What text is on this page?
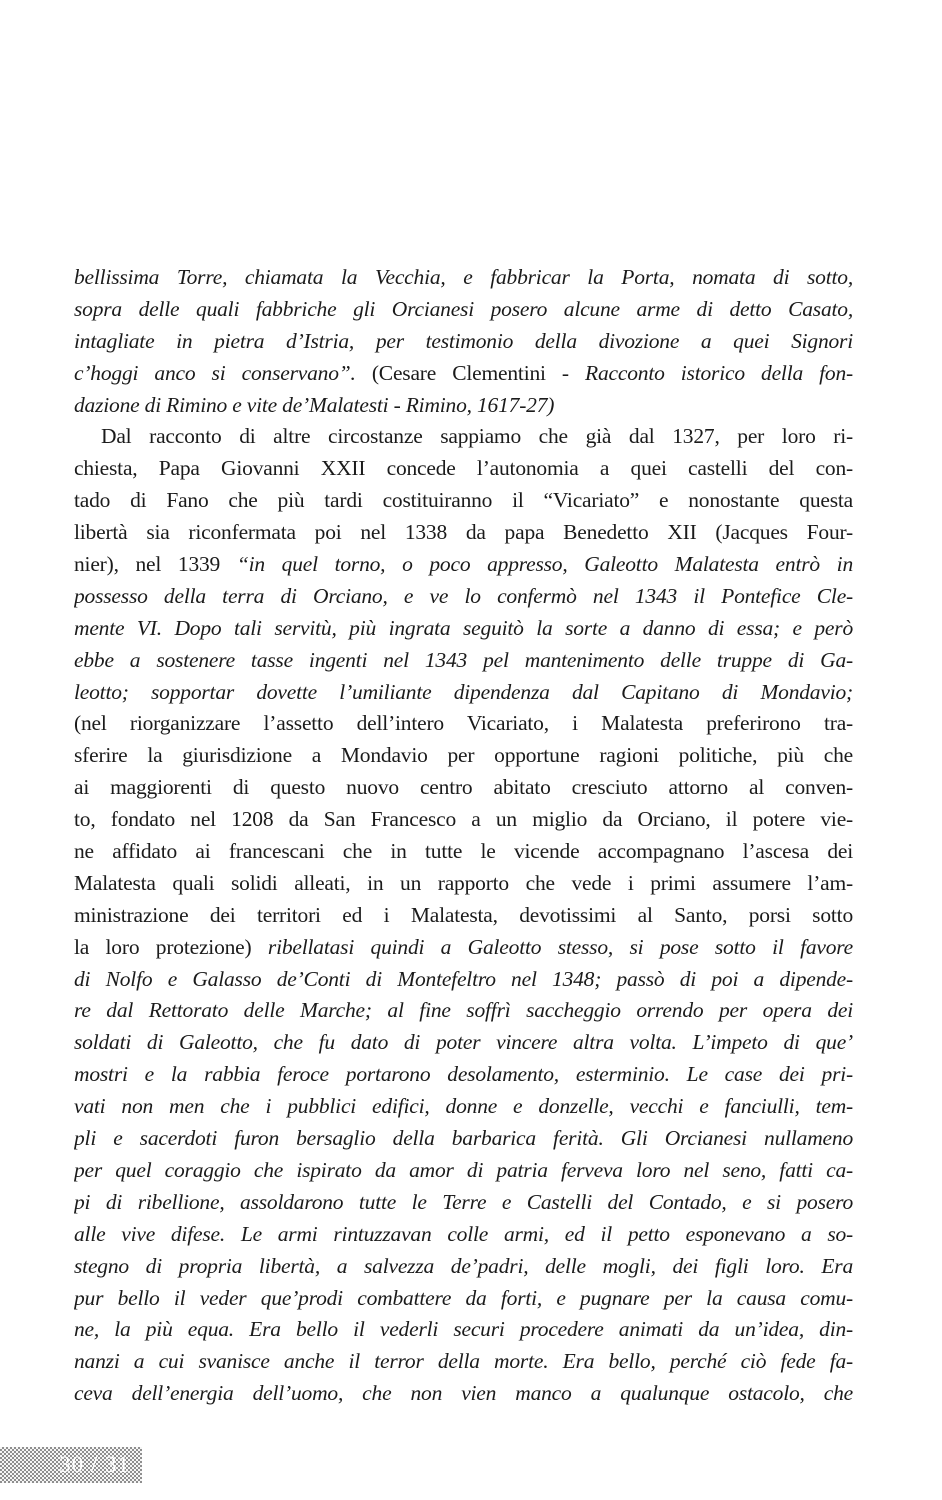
bellissima Torre, chiamata la Vecchia, e fabbricar la Porta, nomata di sotto,
sopra delle quali fabbriche gli Orcianesi posero alcune arme di detto Casato,
intagliate in pietra d’Istria, per testimonio della divozione a quei Signori
c’hoggi anco si conservano”. (Cesare Clementini - Racconto istorico della fon-
dazione di Rimino e vite de’Malatesti - Rimino, 1617-27)
Dal racconto di altre circostanze sappiamo che già dal 1327, per loro ri-
chiesta, Papa Giovanni XXII concede l’autonomia a quei castelli del con-
tado di Fano che più tardi costituiranno il “Vicariato” e nonostante questa
libertà sia riconfermata poi nel 1338 da papa Benedetto XII (Jacques Four-
nier), nel 1339 “in quel torno, o poco appresso, Galeotto Malatesta entrò in
possesso della terra di Orciano, e ve lo confermò nel 1343 il Pontefice Cle-
mente VI. Dopo tali servitù, più ingrata seguitò la sorte a danno di essa; e però
ebbe a sostenere tasse ingenti nel 1343 pel mantenimento delle truppe di Ga-
leotto; sopportar dovette l’umiliante dipendenza dal Capitano di Mondavio;
(nel riorganizzare l’assetto dell’intero Vicariato, i Malatesta preferirono tra-
sferire la giurisdizione a Mondavio per opportune ragioni politiche, più che
ai maggiorenti di questo nuovo centro abitato cresciuto attorno al conven-
to, fondato nel 1208 da San Francesco a un miglio da Orciano, il potere vie-
ne affidato ai francescani che in tutte le vicende accompagnano l’ascesa dei
Malatesta quali solidi alleati, in un rapporto che vede i primi assumere l’am-
ministrazione dei territori ed i Malatesta, devotissimi al Santo, porsi sotto
la loro protezione) ribellatasi quindi a Galeotto stesso, si pose sotto il favore
di Nolfo e Galasso de’Conti di Montefeltro nel 1348; passò di poi a dipende-
re dal Rettorato delle Marche; al fine soffrì saccheggio orrendo per opera dei
soldati di Galeotto, che fu dato di poter vincere altra volta. L’impeto di que’
mostri e la rabbia feroce portarono desolamento, esterminio. Le case dei pri-
vati non men che i pubblici edifici, donne e donzelle, vecchi e fanciulli, tem-
pli e sacerdoti furon bersaglio della barbarica ferità. Gli Orcianesi nullameno
per quel coraggio che ispirato da amor di patria ferveva loro nel seno, fatti ca-
pi di ribellione, assoldarono tutte le Terre e Castelli del Contado, e si posero
alle vive difese. Le armi rintuzzavan colle armi, ed il petto esponevano a so-
stegno di propria libertà, a salvezza de’padri, delle mogli, dei figli loro. Era
pur bello il veder que’prodi combattere da forti, e pugnare per la causa comu-
ne, la più equa. Era bello il vederli securi procedere animati da un’idea, din-
nanzi a cui svanisce anche il terror della morte. Era bello, perché ciò fede fa-
ceva dell’energia dell’uomo, che non vien manco a qualunque ostacolo, che
30 / 31
